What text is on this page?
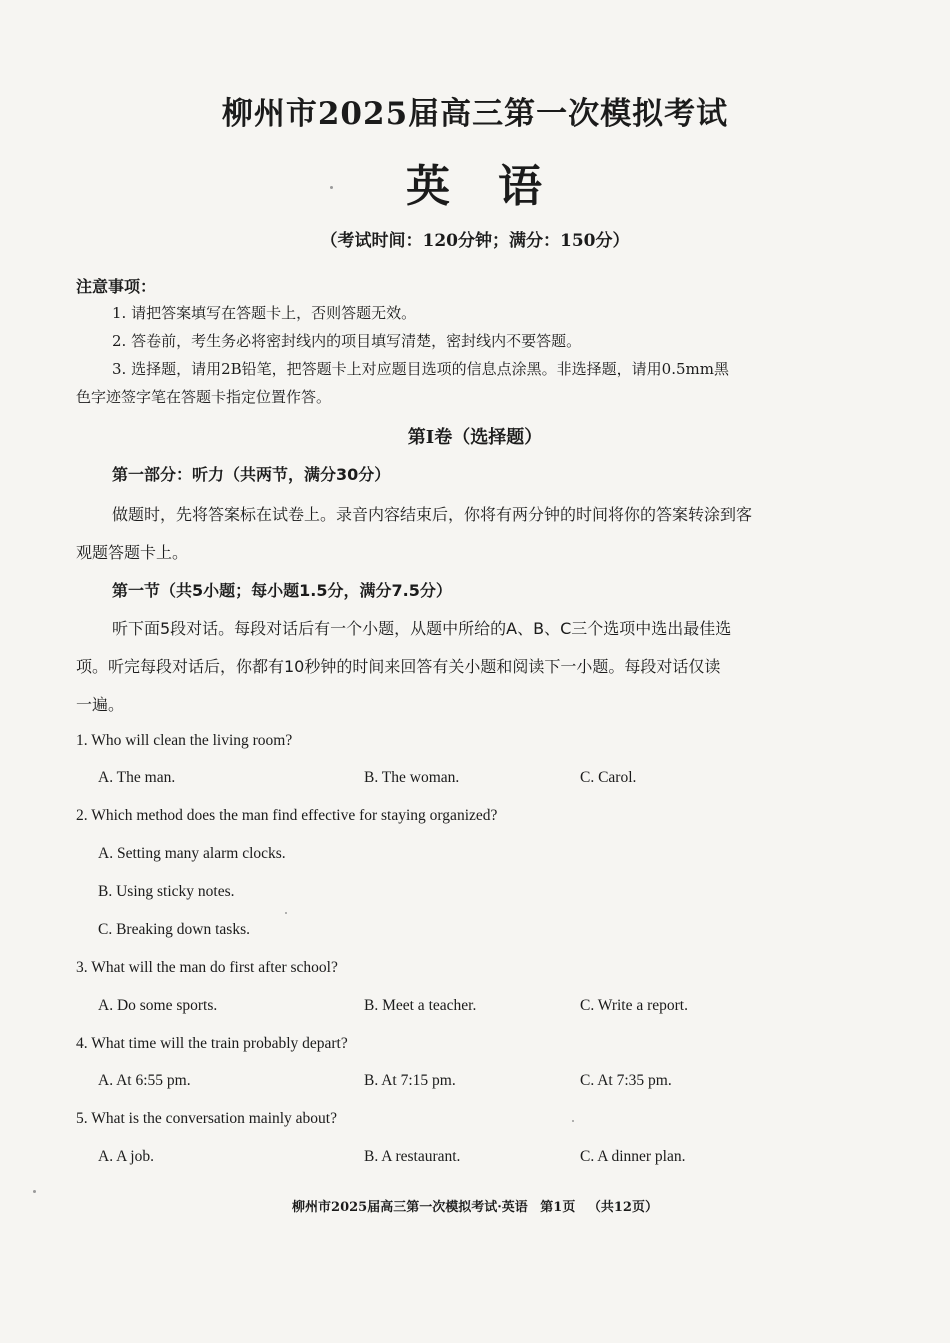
柳州市2025届高三第一次模拟考试
英　语
（考试时间：120分钟；满分：150分）
注意事项：
1. 请把答案填写在答题卡上，否则答题无效。
2. 答卷前，考生务必将密封线内的项目填写清楚，密封线内不要答题。
3. 选择题，请用2B铅笔，把答题卡上对应题目选项的信息点涂黑。非选择题，请用0.5mm黑
色字迹签字笔在答题卡指定位置作答。
第Ⅰ卷（选择题）
第一部分：听力（共两节，满分30分）
做题时，先将答案标在试卷上。录音内容结束后，你将有两分钟的时间将你的答案转涂到客
观题答题卡上。
第一节（共5小题；每小题1.5分，满分7.5分）
听下面5段对话。每段对话后有一个小题，从题中所给的A、B、C三个选项中选出最佳选
项。听完每段对话后，你都有10秒钟的时间来回答有关小题和阅读下一小题。每段对话仅读
一遍。
1. Who will clean the living room?
A. The man.	B. The woman.	C. Carol.
2. Which method does the man find effective for staying organized?
A. Setting many alarm clocks.
B. Using sticky notes.
C. Breaking down tasks.
3. What will the man do first after school?
A. Do some sports.	B. Meet a teacher.	C. Write a report.
4. What time will the train probably depart?
A. At 6:55 pm.	B. At 7:15 pm.	C. At 7:35 pm.
5. What is the conversation mainly about?
A. A job.	B. A restaurant.	C. A dinner plan.
柳州市2025届高三第一次模拟考试·英语 第1页 （共12页）
